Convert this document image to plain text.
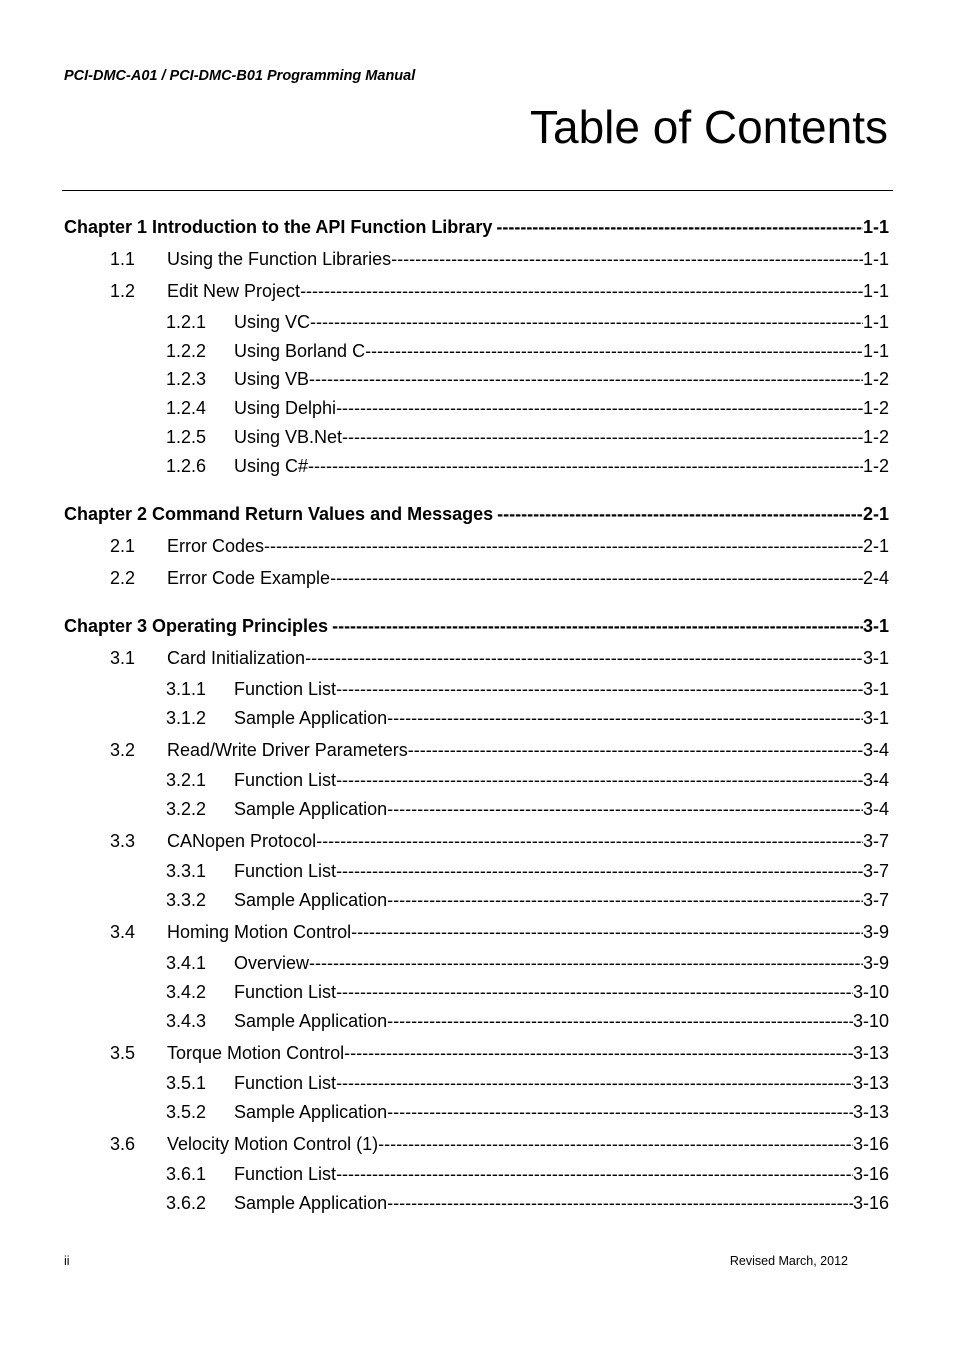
PCI-DMC-A01 / PCI-DMC-B01 Programming Manual
Table of Contents
Chapter 1 Introduction to the API Function Library -----	1-1
1.1	Using the Function Libraries -----	1-1
1.2	Edit New Project -----	1-1
1.2.1	Using VC -----	1-1
1.2.2	Using Borland C -----	1-1
1.2.3	Using VB -----	1-2
1.2.4	Using Delphi -----	1-2
1.2.5	Using VB.Net -----	1-2
1.2.6	Using C# -----	1-2
Chapter 2 Command Return Values and Messages -----	2-1
2.1	Error Codes -----	2-1
2.2	Error Code Example -----	2-4
Chapter 3 Operating Principles -----	3-1
3.1	Card Initialization -----	3-1
3.1.1	Function List -----	3-1
3.1.2	Sample Application -----	3-1
3.2	Read/Write Driver Parameters -----	3-4
3.2.1	Function List -----	3-4
3.2.2	Sample Application -----	3-4
3.3	CANopen Protocol -----	3-7
3.3.1	Function List -----	3-7
3.3.2	Sample Application -----	3-7
3.4	Homing Motion Control -----	3-9
3.4.1	Overview -----	3-9
3.4.2	Function List -----	3-10
3.4.3	Sample Application -----	3-10
3.5	Torque Motion Control -----	3-13
3.5.1	Function List -----	3-13
3.5.2	Sample Application -----	3-13
3.6	Velocity Motion Control (1) -----	3-16
3.6.1	Function List -----	3-16
3.6.2	Sample Application -----	3-16
ii	Revised March, 2012
